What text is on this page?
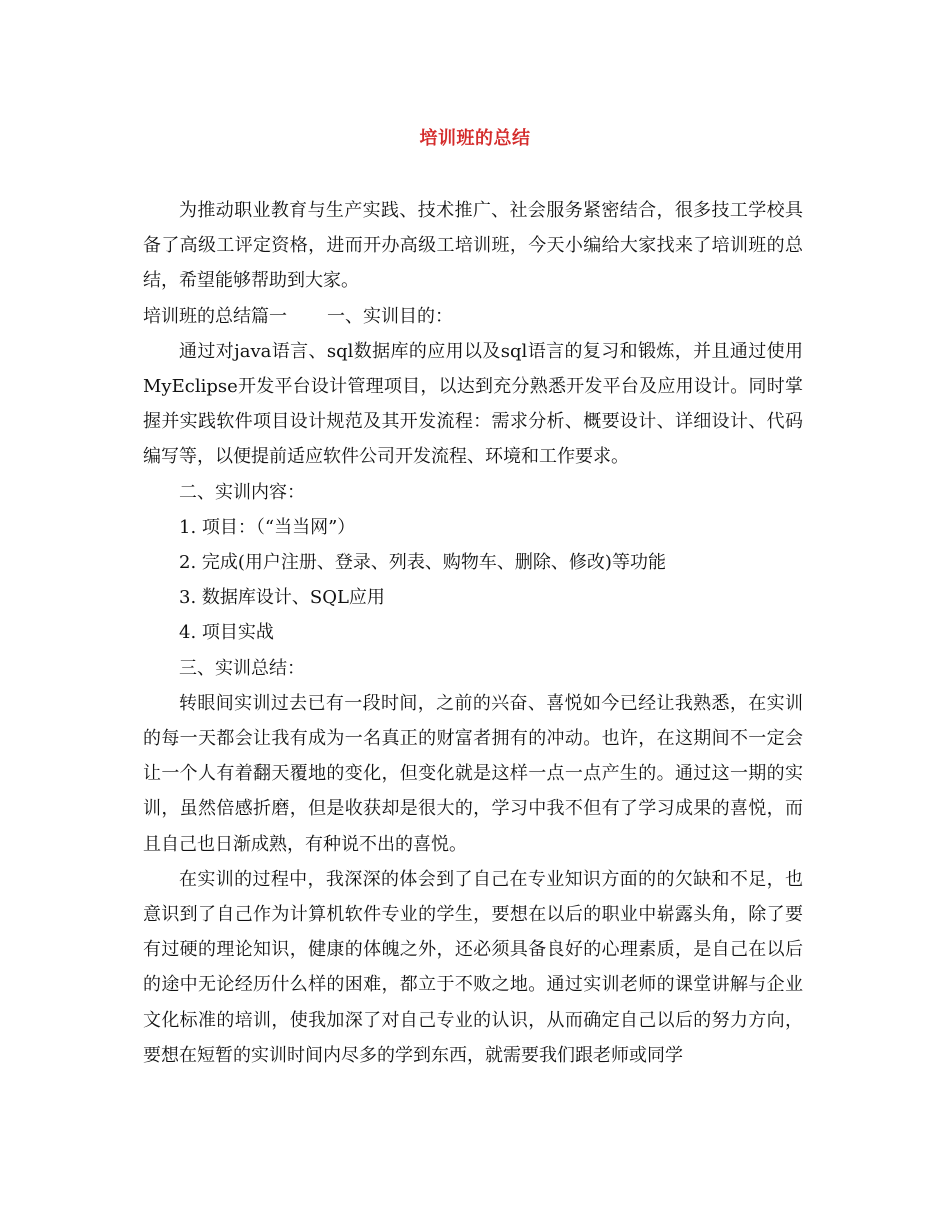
培训班的总结

为推动职业教育与生产实践、技术推广、社会服务紧密结合，很多技工学校具备了高级工评定资格，进而开办高级工培训班，今天小编给大家找来了培训班的总结，希望能够帮助到大家。

培训班的总结篇一 一、实训目的：

通过对java语言、sql数据库的应用以及sql语言的复习和锻炼，并且通过使用MyEclipse开发平台设计管理项目，以达到充分熟悉开发平台及应用设计。同时掌握并实践软件项目设计规范及其开发流程：需求分析、概要设计、详细设计、代码编写等，以便提前适应软件公司开发流程、环境和工作要求。

二、实训内容：

1. 项目：（“当当网”）

2. 完成(用户注册、登录、列表、购物车、删除、修改)等功能

3. 数据库设计、SQL应用

4. 项目实战

三、实训总结：

转眼间实训过去已有一段时间，之前的兴奋、喜悦如今已经让我熟悉，在实训的每一天都会让我有成为一名真正的财富者拥有的冲动。也许，在这期间不一定会让一个人有着翻天覆地的变化，但变化就是这样一点一点产生的。通过这一期的实训，虽然倍感折磨，但是收获却是很大的，学习中我不但有了学习成果的喜悦，而且自己也日渐成熟，有种说不出的喜悦。

在实训的过程中，我深深的体会到了自己在专业知识方面的的欠缺和不足，也意识到了自己作为计算机软件专业的学生，要想在以后的职业中崭露头角，除了要有过硬的理论知识，健康的体魄之外，还必须具备良好的心理素质，是自己在以后的途中无论经历什么样的困难，都立于不败之地。通过实训老师的课堂讲解与企业文化标准的培训，使我加深了对自己专业的认识，从而确定自己以后的努力方向，要想在短暂的实训时间内尽多的学到东西，就需要我们跟老师或同学
